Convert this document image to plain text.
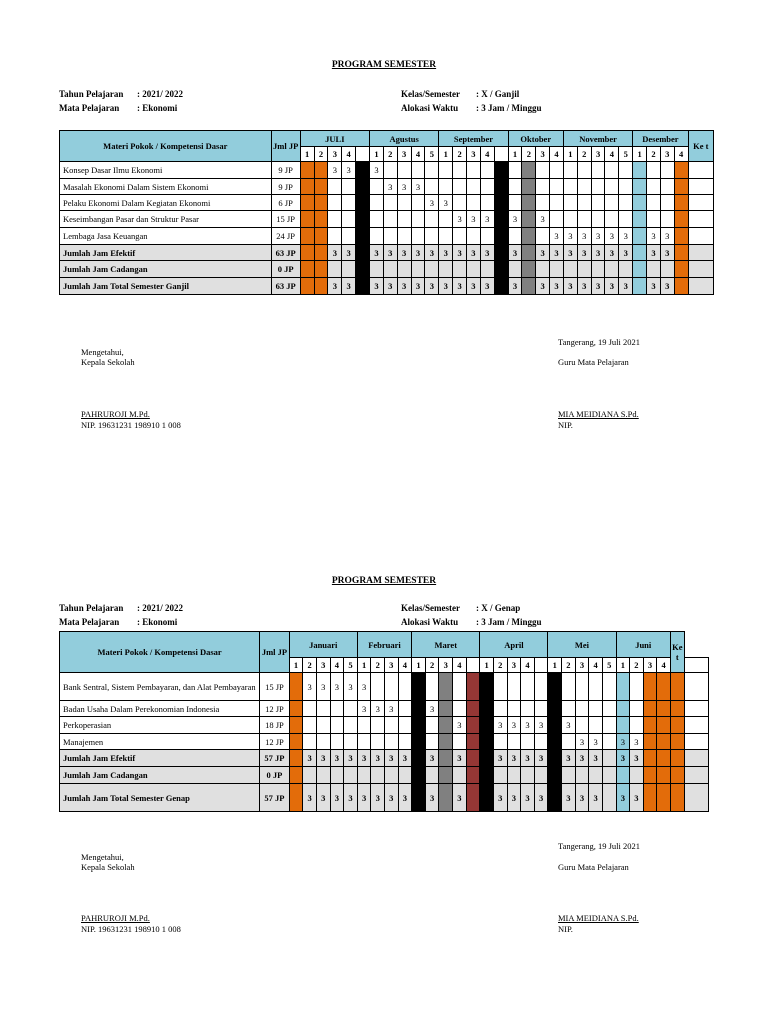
PROGRAM SEMESTER
Tahun Pelajaran : 2021/ 2022
Mata Pelajaran : Ekonomi
Kelas/Semester : X / Ganjil
Alokasi Waktu : 3 Jam / Minggu
Materi Pokok / Kompetensi Dasar	Jml JP	JULI					Agustus					September					Oktober				November					Desember				Ke t
		1	2	3	4		1	2	3	4	5	1	2	3	4		1	2	3	4	1	2	3	4	5	1	2	3	4	
Konsep Dasar Ilmu Ekonomi	9 JP			3	3		3																							
Masalah Ekonomi Dalam Sistem Ekonomi	9 JP							3	3	3																				
Pelaku Ekonomi Dalam Kegiatan Ekonomi	6 JP										3	3																		
Keseimbangan Pasar dan Struktur Pasar	15 JP												3	3	3		3		3											
Lembaga Jasa Keuangan	24 JP																			3	3	3	3	3	3		3	3		
Jumlah Jam Efektif	63 JP			3	3		3	3	3	3	3	3	3	3	3		3		3	3	3	3	3	3	3		3	3		
Jumlah Jam Cadangan	0 JP																													
Jumlah Jam Total Semester Ganjil	63 JP			3	3		3	3	3	3	3	3	3	3	3		3		3	3	3	3	3	3	3		3	3		
Tangerang, 19 Juli 2021
Mengetahui,
Kepala Sekolah	Guru Mata Pelajaran
PAHRUROJI M.Pd.
NIP. 19631231 198910 1 008
MIA MEIDIANA S.Pd.
NIP.
PROGRAM SEMESTER
Tahun Pelajaran : 2021/ 2022
Mata Pelajaran : Ekonomi
Kelas/Semester : X / Genap
Alokasi Waktu : 3 Jam / Minggu
Materi Pokok / Kompetensi Dasar	Jml JP	Januari					Februari				Maret					April					Mei					Juni				Ke t	
		1	2	3	4	5	1	2	3	4	1	2	3	4		1	2	3	4		1	2	3	4	5	1	2	3	4		
Bank Sentral, Sistem Pembayaran, dan Alat Pembayaran	15 JP		3	3	3	3	3																								
Badan Usaha Dalam Perekonomian Indonesia	12 JP						3	3	3			3																			
Perkoperasian	18 JP													3			3	3	3	3		3									
Manajemen	12 JP																						3	3		3	3				
Jumlah Jam Efektif	57 JP		3	3	3	3	3	3	3	3		3		3			3	3	3	3		3	3	3		3	3				
Jumlah Jam Cadangan	0 JP																														
Jumlah Jam Total Semester Genap	57 JP		3	3	3	3	3	3	3	3		3		3			3	3	3	3		3	3	3		3	3				
Tangerang, 19 Juli 2021
Mengetahui,
Kepala Sekolah	Guru Mata Pelajaran
PAHRUROJI M.Pd.
NIP. 19631231 198910 1 008
MIA MEIDIANA S.Pd.
NIP.
